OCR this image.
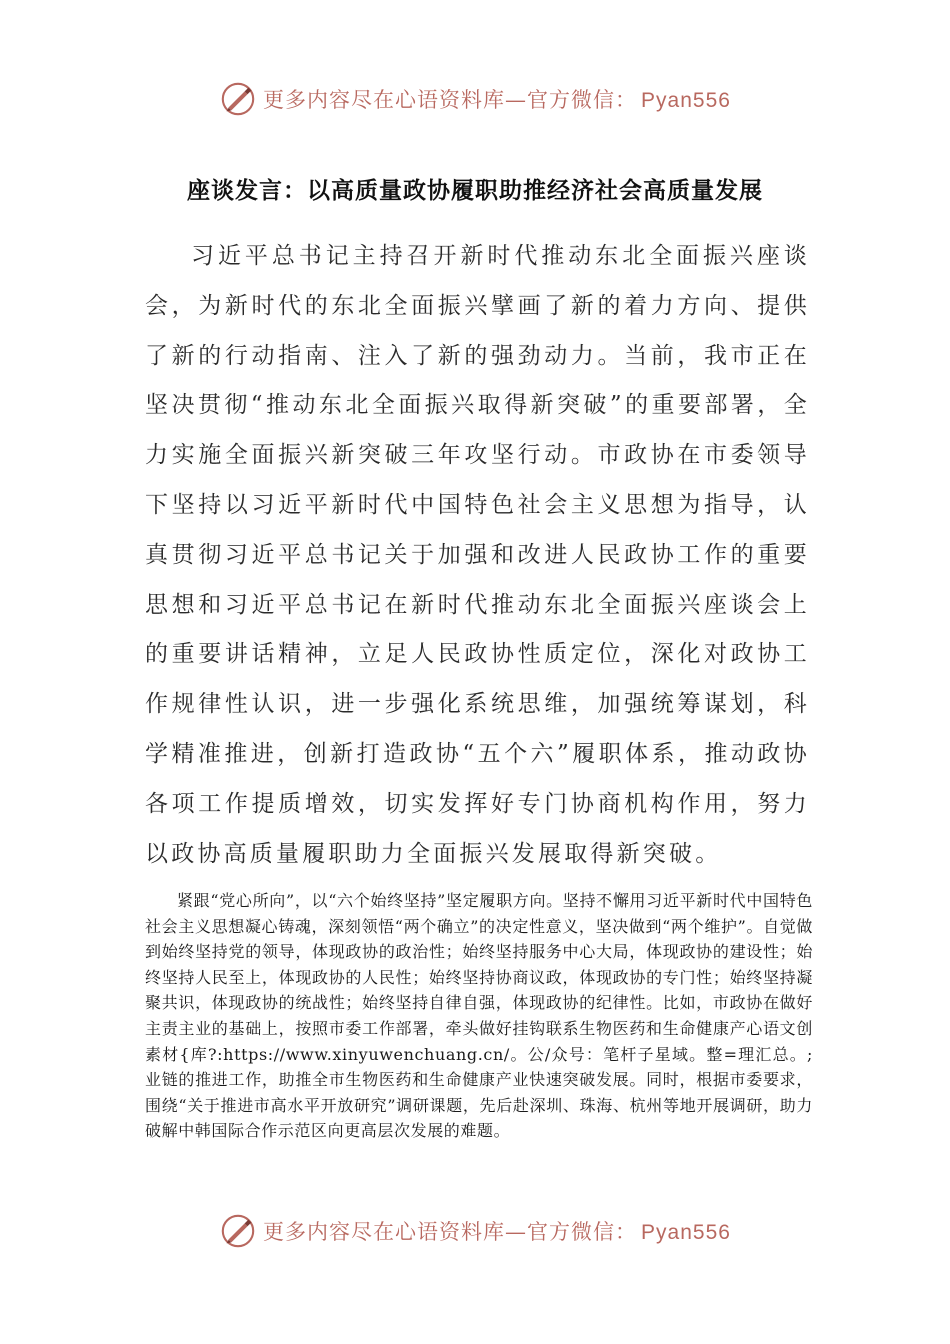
更多内容尽在心语资料库—官方微信： Pyan556
座谈发言：以高质量政协履职助推经济社会高质量发展

习近平总书记主持召开新时代推动东北全面振兴座谈会，为新时代的东北全面振兴擘画了新的着力方向、提供了新的行动指南、注入了新的强劲动力。当前，我市正在坚决贯彻“推动东北全面振兴取得新突破”的重要部署，全力实施全面振兴新突破三年攻坚行动。市政协在市委领导下坚持以习近平新时代中国特色社会主义思想为指导，认真贯彻习近平总书记关于加强和改进人民政协工作的重要思想和习近平总书记在新时代推动东北全面振兴座谈会上的重要讲话精神，立足人民政协性质定位，深化对政协工作规律性认识，进一步强化系统思维，加强统筹谋划，科学精准推进，创新打造政协“五个六”履职体系，推动政协各项工作提质增效，切实发挥好专门协商机构作用，努力以政协高质量履职助力全面振兴发展取得新突破。

紧跟“党心所向”，以“六个始终坚持”坚定履职方向。坚持不懈用习近平新时代中国特色社会主义思想凝心铸魂，深刻领悟“两个确立”的决定性意义，坚决做到“两个维护”。自觉做到始终坚持党的领导，体现政协的政治性；始终坚持服务中心大局，体现政协的建设性；始终坚持人民至上，体现政协的人民性；始终坚持协商议政，体现政协的专门性；始终坚持凝聚共识，体现政协的统战性；始终坚持自律自强，体现政协的纪律性。比如，市政协在做好主责主业的基础上，按照市委工作部署，牵头做好挂钩联系生物医药和生命健康产心语文创素材{库?:https://www.xinyuwenchuang.cn/。公/众号：笔杆子星域。整=理汇总。;业链的推进工作，助推全市生物医药和生命健康产业快速突破发展。同时，根据市委要求，围绕“关于推进市高水平开放研究”调研课题，先后赴深圳、珠海、杭州等地开展调研，助力破解中韩国际合作示范区向更高层次发展的难题。

更多内容尽在心语资料库—官方微信： Pyan556
